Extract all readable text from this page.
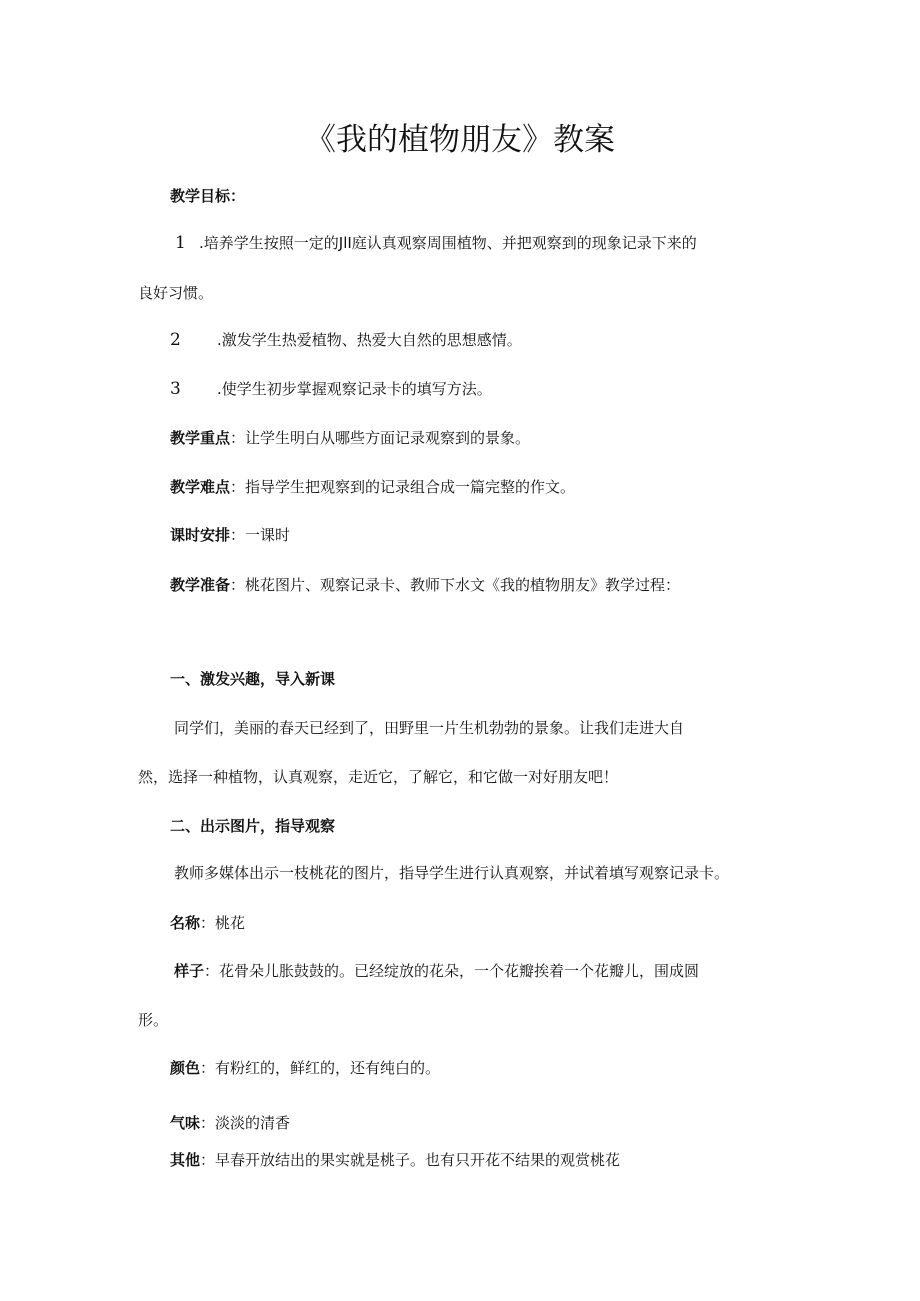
《我的植物朋友》教案
教学目标：
1 .培养学生按照一定的JlI庭认真观察周围植物、并把观察到的现象记录下来的
良好习惯。
2 .激发学生热爱植物、热爱大自然的思想感情。
3 .使学生初步掌握观察记录卡的填写方法。
教学重点：让学生明白从哪些方面记录观察到的景象。
教学难点：指导学生把观察到的记录组合成一篇完整的作文。
课时安排：一课时
教学准备：桃花图片、观察记录卡、教师下水文《我的植物朋友》教学过程：
一、激发兴趣，导入新课
同学们，美丽的春天已经到了，田野里一片生机勃勃的景象。让我们走进大自
然，选择一种植物，认真观察，走近它，了解它，和它做一对好朋友吧！
二、出示图片，指导观察
教师多媒体出示一枝桃花的图片，指导学生进行认真观察，并试着填写观察记录卡。
名称：桃花
样子：花骨朵儿胀鼓鼓的。已经绽放的花朵，一个花瓣挨着一个花瓣儿，围成圆
形。
颜色：有粉红的，鲜红的，还有纯白的。
气味：淡淡的清香
其他：早春开放结出的果实就是桃子。也有只开花不结果的观赏桃花
